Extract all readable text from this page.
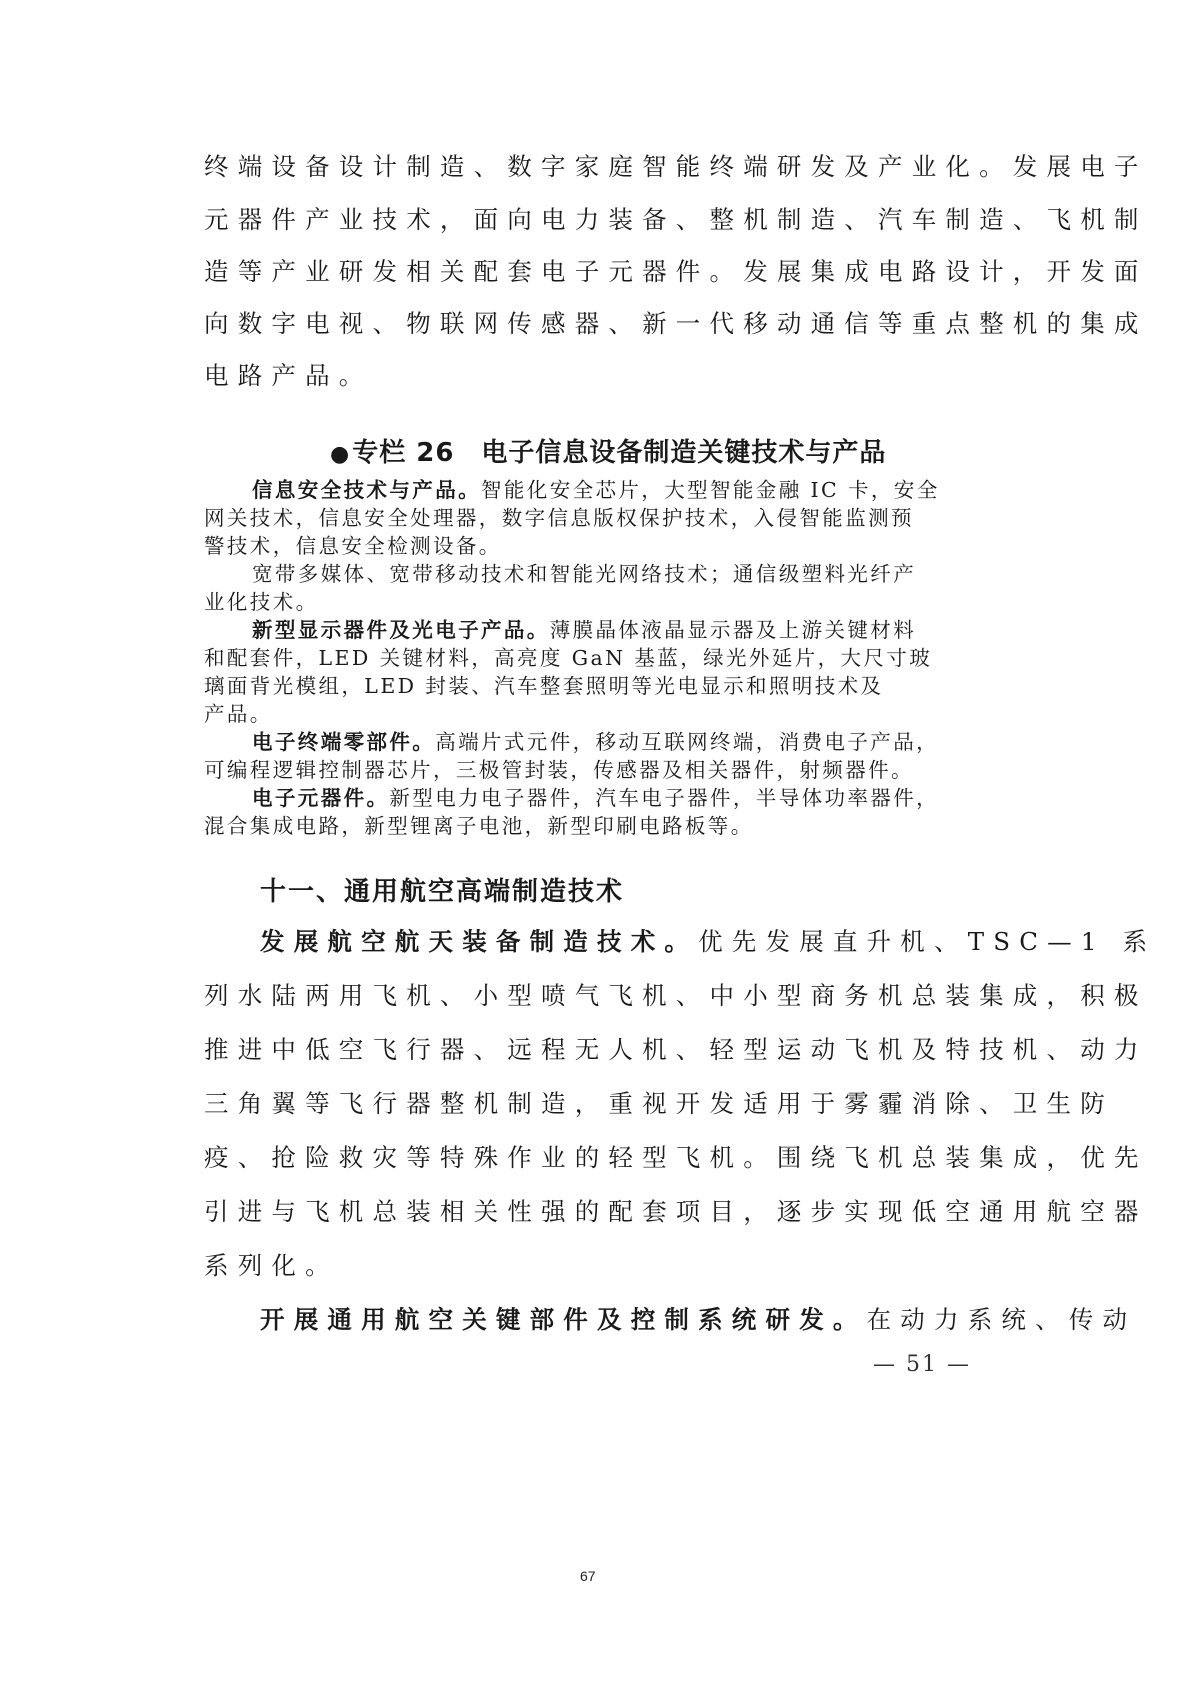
终端设备设计制造、数字家庭智能终端研发及产业化。发展电子
元器件产业技术，面向电力装备、整机制造、汽车制造、飞机制
造等产业研发相关配套电子元器件。发展集成电路设计，开发面
向数字电视、物联网传感器、新一代移动通信等重点整机的集成
电路产品。
●专栏 26　电子信息设备制造关键技术与产品
信息安全技术与产品。智能化安全芯片，大型智能金融 IC 卡，安全
网关技术，信息安全处理器，数字信息版权保护技术，入侵智能监测预
警技术，信息安全检测设备。
宽带多媒体、宽带移动技术和智能光网络技术；通信级塑料光纤产
业化技术。
新型显示器件及光电子产品。薄膜晶体液晶显示器及上游关键材料
和配套件，LED 关键材料，高亮度 GaN 基蓝，绿光外延片，大尺寸玻
璃面背光模组，LED 封装、汽车整套照明等光电显示和照明技术及
产品。
电子终端零部件。高端片式元件，移动互联网终端，消费电子产品，
可编程逻辑控制器芯片，三极管封装，传感器及相关器件，射频器件。
电子元器件。新型电力电子器件，汽车电子器件，半导体功率器件，
混合集成电路，新型锂离子电池，新型印刷电路板等。
十一、通用航空高端制造技术
发展航空航天装备制造技术。优先发展直升机、TSC—1 系
列水陆两用飞机、小型喷气飞机、中小型商务机总装集成，积极
推进中低空飞行器、远程无人机、轻型运动飞机及特技机、动力
三角翼等飞行器整机制造，重视开发适用于雾霾消除、卫生防
疫、抢险救灾等特殊作业的轻型飞机。围绕飞机总装集成，优先
引进与飞机总装相关性强的配套项目，逐步实现低空通用航空器
系列化。
开展通用航空关键部件及控制系统研发。在动力系统、传动
— 51 —
67
